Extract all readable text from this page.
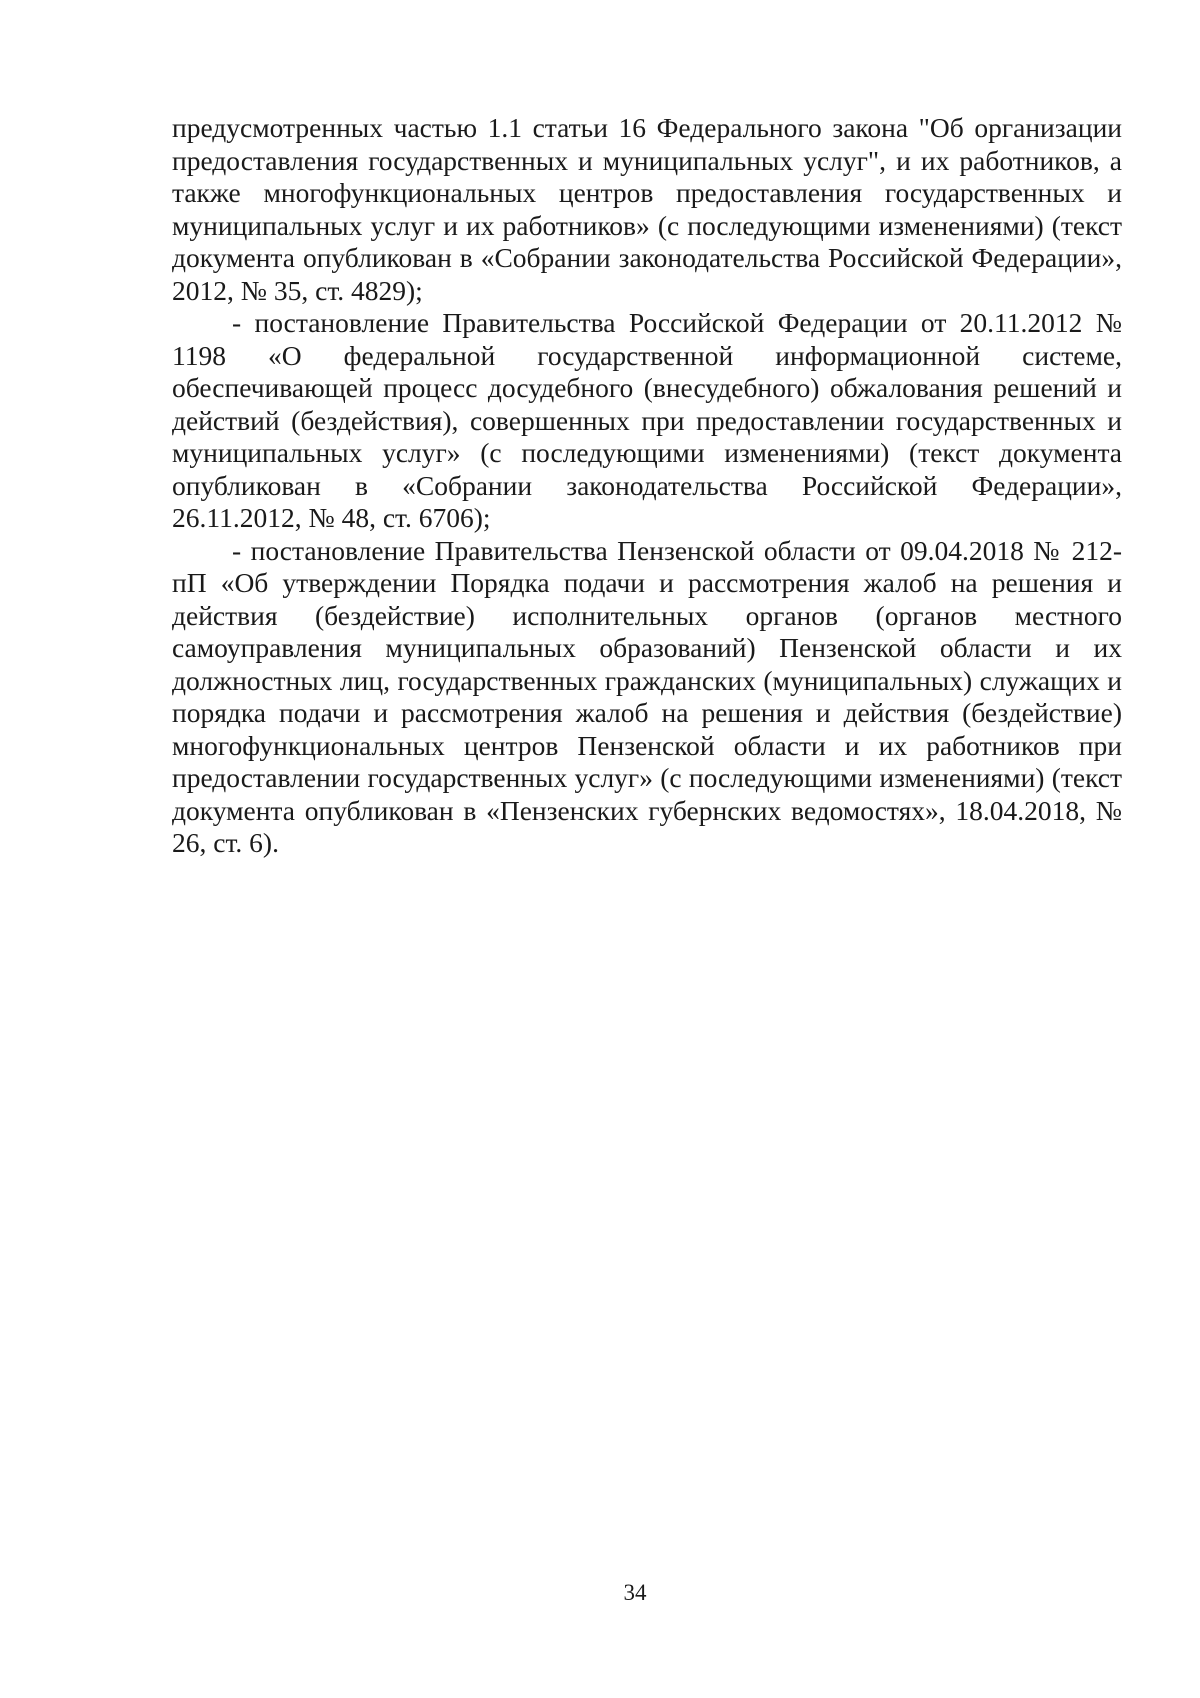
предусмотренных частью 1.1 статьи 16 Федерального закона "Об организации предоставления государственных и муниципальных услуг", и их работников, а также многофункциональных центров предоставления государственных и муниципальных услуг и их работников» (с последующими изменениями) (текст документа опубликован в «Собрании законодательства Российской Федерации», 2012, № 35, ст. 4829);

- постановление Правительства Российской Федерации от 20.11.2012 № 1198 «О федеральной государственной информационной системе, обеспечивающей процесс досудебного (внесудебного) обжалования решений и действий (бездействия), совершенных при предоставлении государственных и муниципальных услуг» (с последующими изменениями) (текст документа опубликован в «Собрании законодательства Российской Федерации», 26.11.2012, № 48, ст. 6706);

- постановление Правительства Пензенской области от 09.04.2018 № 212-пП «Об утверждении Порядка подачи и рассмотрения жалоб на решения и действия (бездействие) исполнительных органов (органов местного самоуправления муниципальных образований) Пензенской области и их должностных лиц, государственных гражданских (муниципальных) служащих и порядка подачи и рассмотрения жалоб на решения и действия (бездействие) многофункциональных центров Пензенской области и их работников при предоставлении государственных услуг» (с последующими изменениями) (текст документа опубликован в «Пензенских губернских ведомостях», 18.04.2018, № 26, ст. 6).

34
